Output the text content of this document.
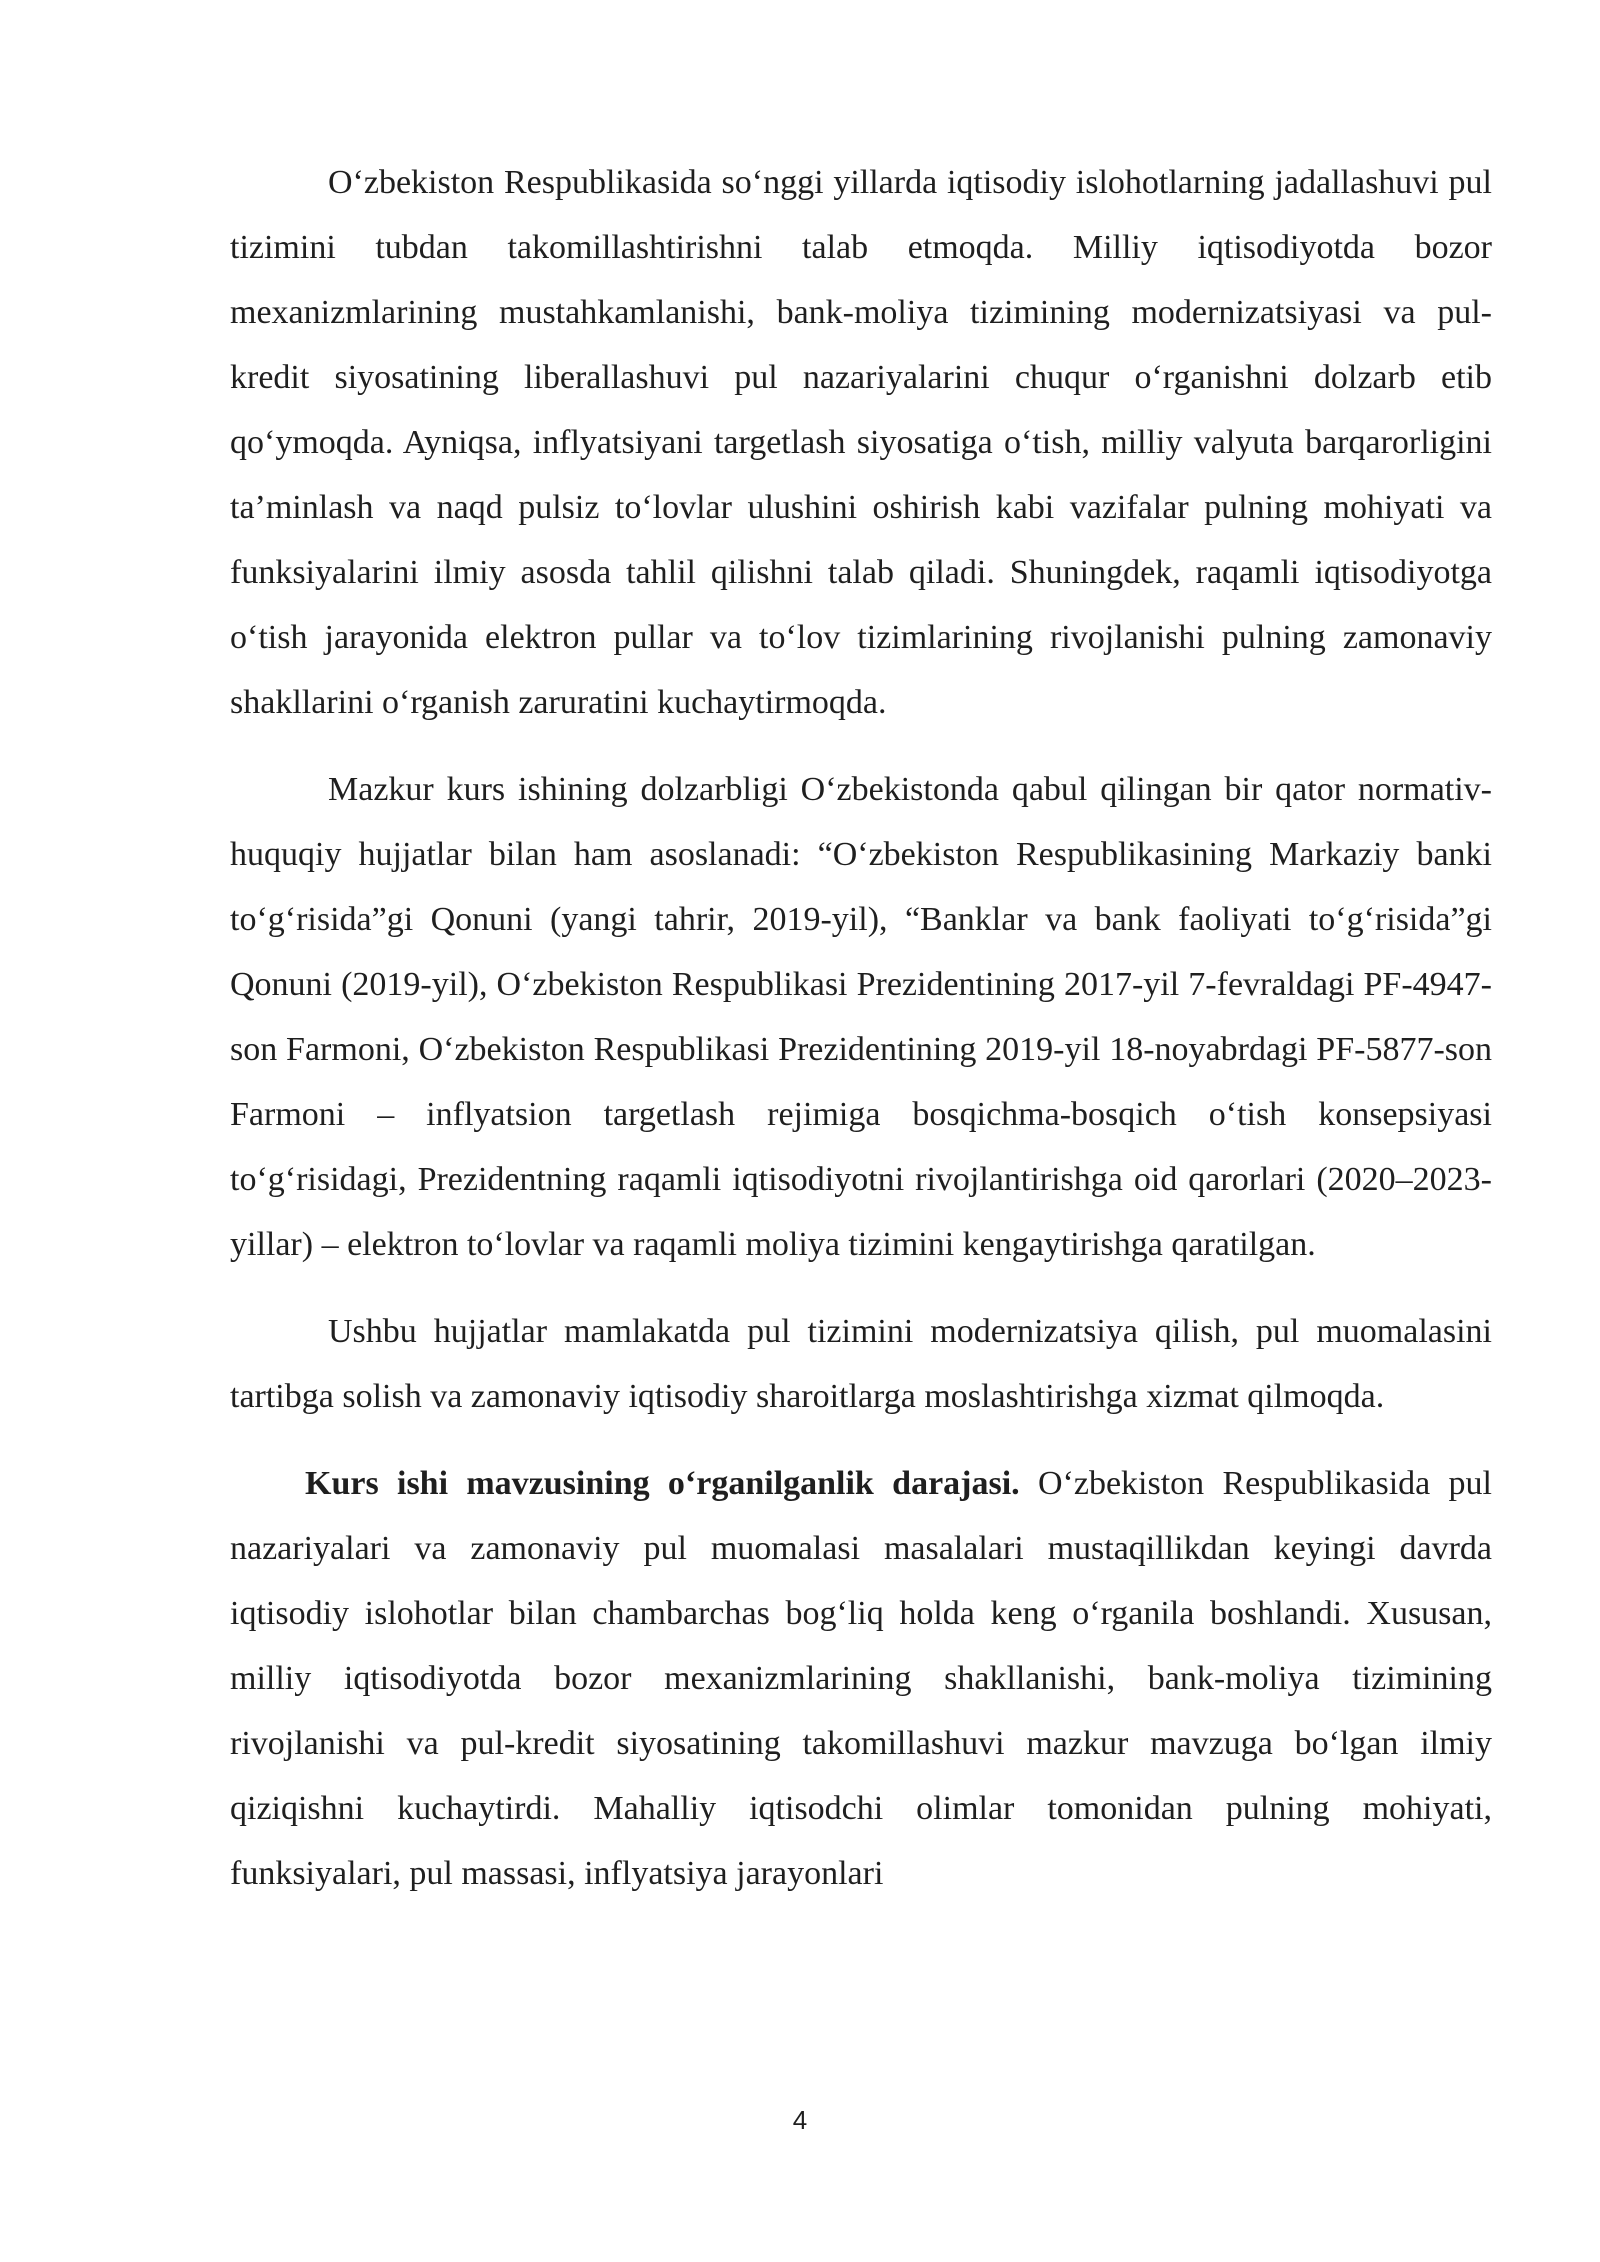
O‘zbekiston Respublikasida so‘nggi yillarda iqtisodiy islohotlarning jadallashuvi pul tizimini tubdan takomillashtirishni talab etmoqda. Milliy iqtisodiyotda bozor mexanizmlarining mustahkamlanishi, bank-moliya tizimining modernizatsiyasi va pul-kredit siyosatining liberallashuvi pul nazariyalarini chuqur o‘rganishni dolzarb etib qo‘ymoqda. Ayniqsa, inflyatsiyani targetlash siyosatiga o‘tish, milliy valyuta barqarorligini ta’minlash va naqd pulsiz to‘lovlar ulushini oshirish kabi vazifalar pulning mohiyati va funksiyalarini ilmiy asosda tahlil qilishni talab qiladi. Shuningdek, raqamli iqtisodiyotga o‘tish jarayonida elektron pullar va to‘lov tizimlarining rivojlanishi pulning zamonaviy shakllarini o‘rganish zaruratini kuchaytirmoqda.

Mazkur kurs ishining dolzarbligi O‘zbekistonda qabul qilingan bir qator normativ-huquqiy hujjatlar bilan ham asoslanadi: “O‘zbekiston Respublikasining Markaziy banki to‘g‘risida”gi Qonuni (yangi tahrir, 2019-yil), “Banklar va bank faoliyati to‘g‘risida”gi Qonuni (2019-yil), O‘zbekiston Respublikasi Prezidentining 2017-yil 7-fevraldagi PF-4947-son Farmoni, O‘zbekiston Respublikasi Prezidentining 2019-yil 18-noyabrdagi PF-5877-son Farmoni – inflyatsion targetlash rejimiga bosqichma-bosqich o‘tish konsepsiyasi to‘g‘risidagi, Prezidentning raqamli iqtisodiyotni rivojlantirishga oid qarorlari (2020–2023-yillar) – elektron to‘lovlar va raqamli moliya tizimini kengaytirishga qaratilgan.

Ushbu hujjatlar mamlakatda pul tizimini modernizatsiya qilish, pul muomalasini tartibga solish va zamonaviy iqtisodiy sharoitlarga moslashtirishga xizmat qilmoqda.

Kurs ishi mavzusining o‘rganilganlik darajasi. O‘zbekiston Respublikasida pul nazariyalari va zamonaviy pul muomalasi masalalari mustaqillikdan keyingi davrda iqtisodiy islohotlar bilan chambarchas bog‘liq holda keng o‘rganila boshlandi. Xususan, milliy iqtisodiyotda bozor mexanizmlarining shakllanishi, bank-moliya tizimining rivojlanishi va pul-kredit siyosatining takomillashuvi mazkur mavzuga bo‘lgan ilmiy qiziqishni kuchaytirdi. Mahalliy iqtisodchi olimlar tomonidan pulning mohiyati, funksiyalari, pul massasi, inflyatsiya jarayonlari

4
